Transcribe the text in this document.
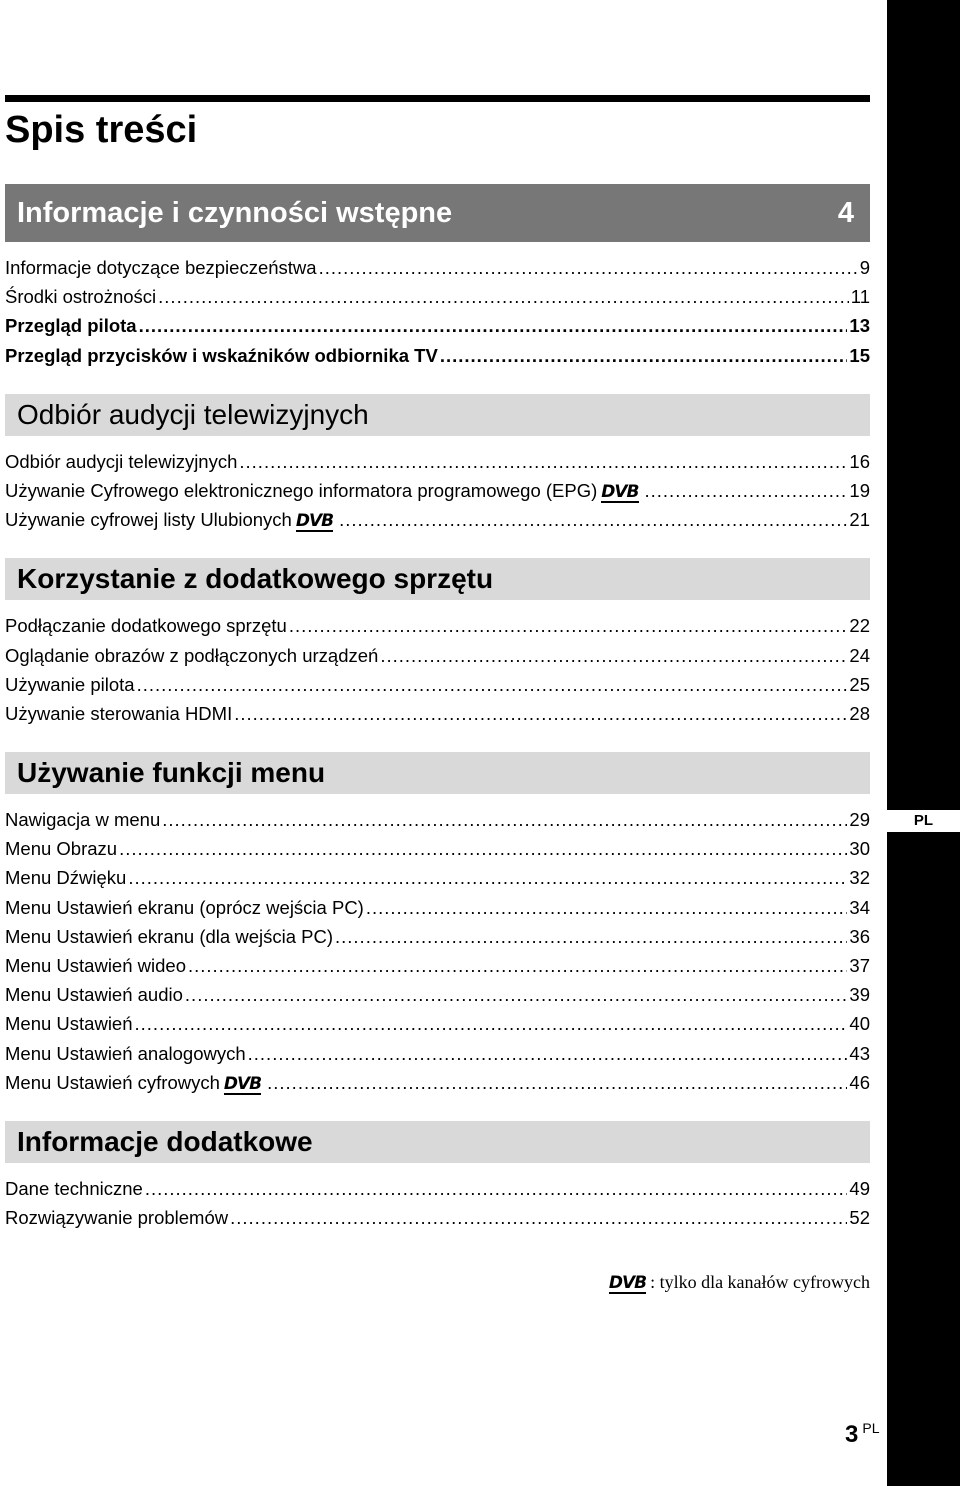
PL
Spis treści
Informacje i czynności wstępne	4
Informacje dotyczące bezpieczeństwa .....	9
Środki ostrożności .....	11
Przegląd pilota .....	13
Przegląd przycisków i wskaźników odbiornika TV .....	15
Odbiór audycji telewizyjnych
Odbiór audycji telewizyjnych .....	16
Używanie Cyfrowego elektronicznego informatora programowego (EPG) DVB .....	19
Używanie cyfrowej listy Ulubionych DVB .....	21
Korzystanie z dodatkowego sprzętu
Podłączanie dodatkowego sprzętu .....	22
Oglądanie obrazów z podłączonych urządzeń .....	24
Używanie pilota .....	25
Używanie sterowania HDMI .....	28
Używanie funkcji menu
Nawigacja w menu .....	29
Menu Obrazu .....	30
Menu Dźwięku .....	32
Menu Ustawień ekranu (oprócz wejścia PC) .....	34
Menu Ustawień ekranu (dla wejścia PC) .....	36
Menu Ustawień wideo .....	37
Menu Ustawień audio .....	39
Menu Ustawień .....	40
Menu Ustawień analogowych .....	43
Menu Ustawień cyfrowych DVB .....	46
Informacje dodatkowe
Dane techniczne .....	49
Rozwiązywanie problemów .....	52
DVB : tylko dla kanałów cyfrowych
3 $^{PL}$
